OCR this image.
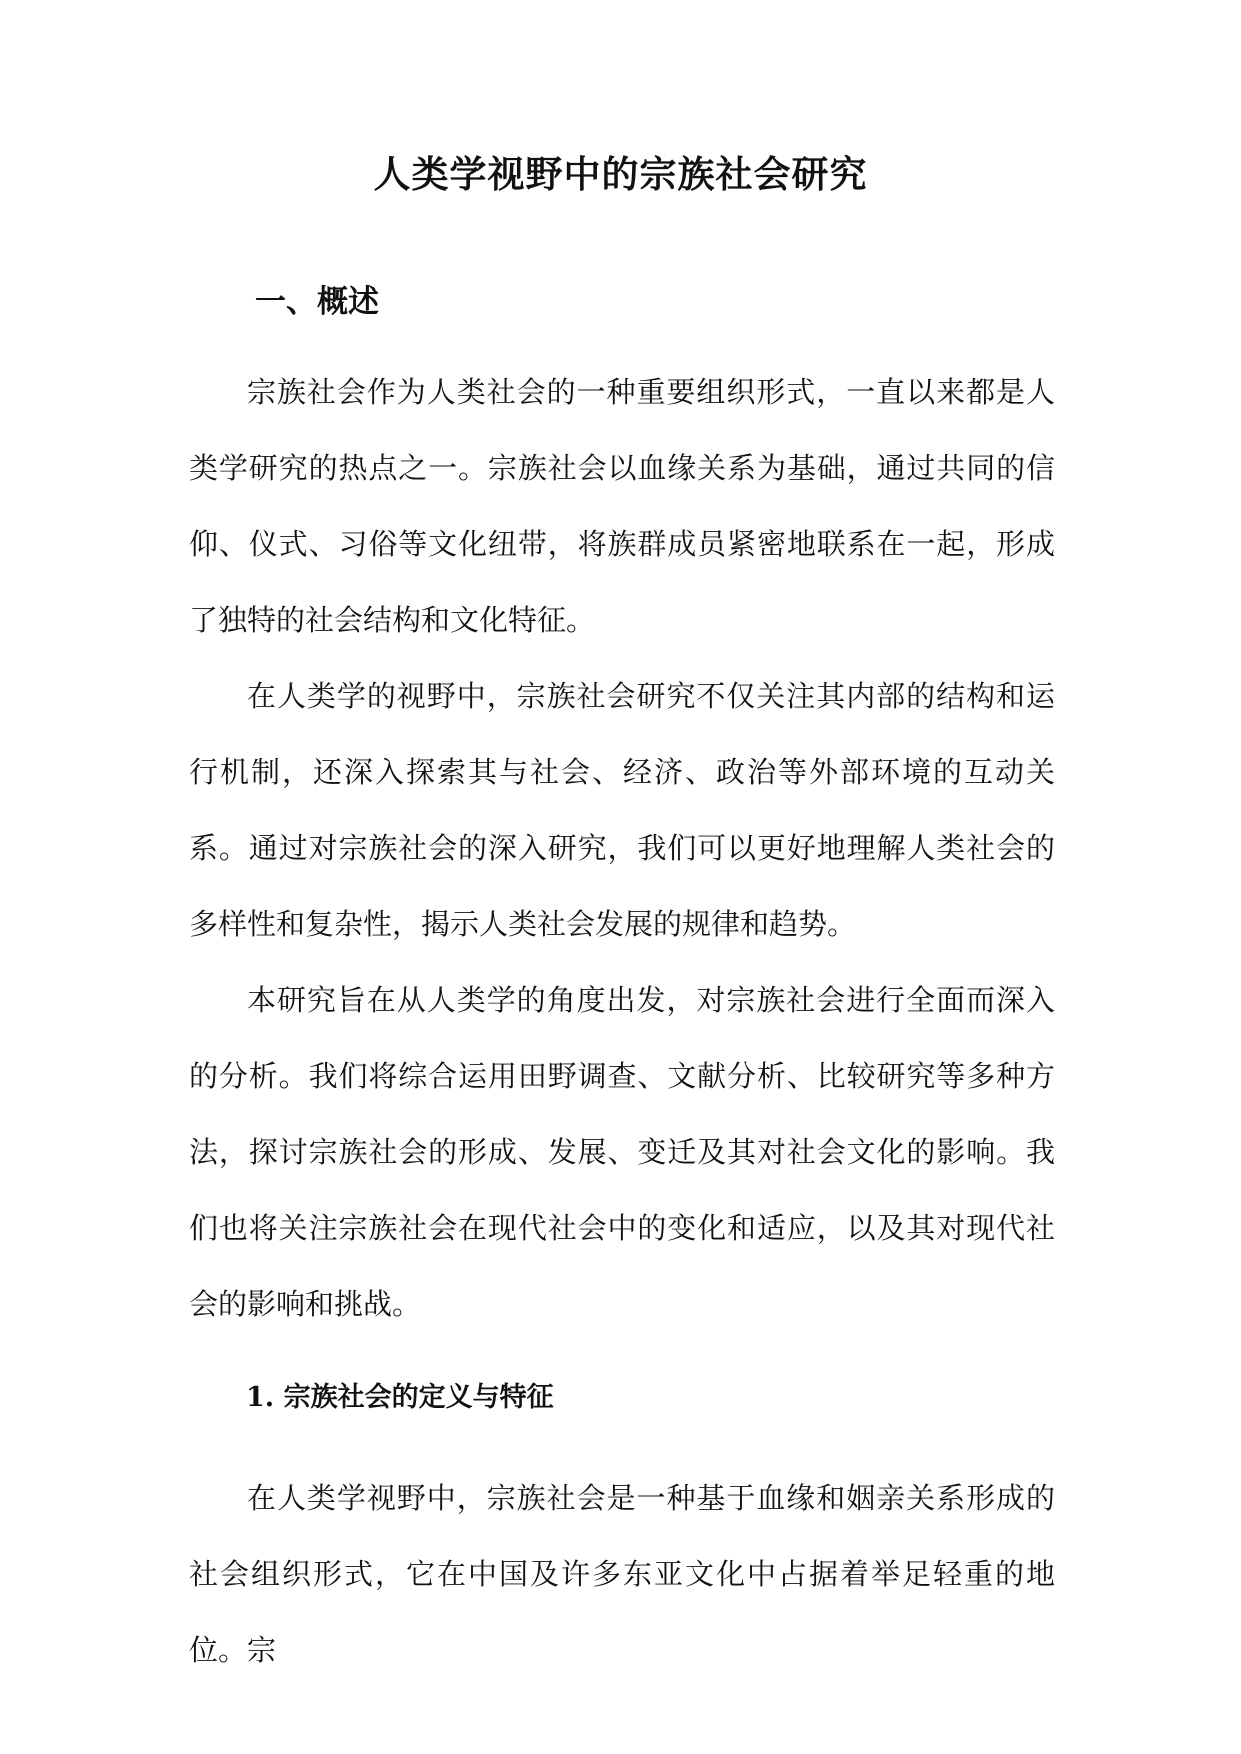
人类学视野中的宗族社会研究
一、概述

宗族社会作为人类社会的一种重要组织形式，一直以来都是人类学研究的热点之一。宗族社会以血缘关系为基础，通过共同的信仰、仪式、习俗等文化纽带，将族群成员紧密地联系在一起，形成了独特的社会结构和文化特征。

在人类学的视野中，宗族社会研究不仅关注其内部的结构和运行机制，还深入探索其与社会、经济、政治等外部环境的互动关系。通过对宗族社会的深入研究，我们可以更好地理解人类社会的多样性和复杂性，揭示人类社会发展的规律和趋势。

本研究旨在从人类学的角度出发，对宗族社会进行全面而深入的分析。我们将综合运用田野调查、文献分析、比较研究等多种方法，探讨宗族社会的形成、发展、变迁及其对社会文化的影响。我们也将关注宗族社会在现代社会中的变化和适应，以及其对现代社会的影响和挑战。

1. 宗族社会的定义与特征

在人类学视野中，宗族社会是一种基于血缘和姻亲关系形成的社会组织形式，它在中国及许多东亚文化中占据着举足轻重的地位。宗
